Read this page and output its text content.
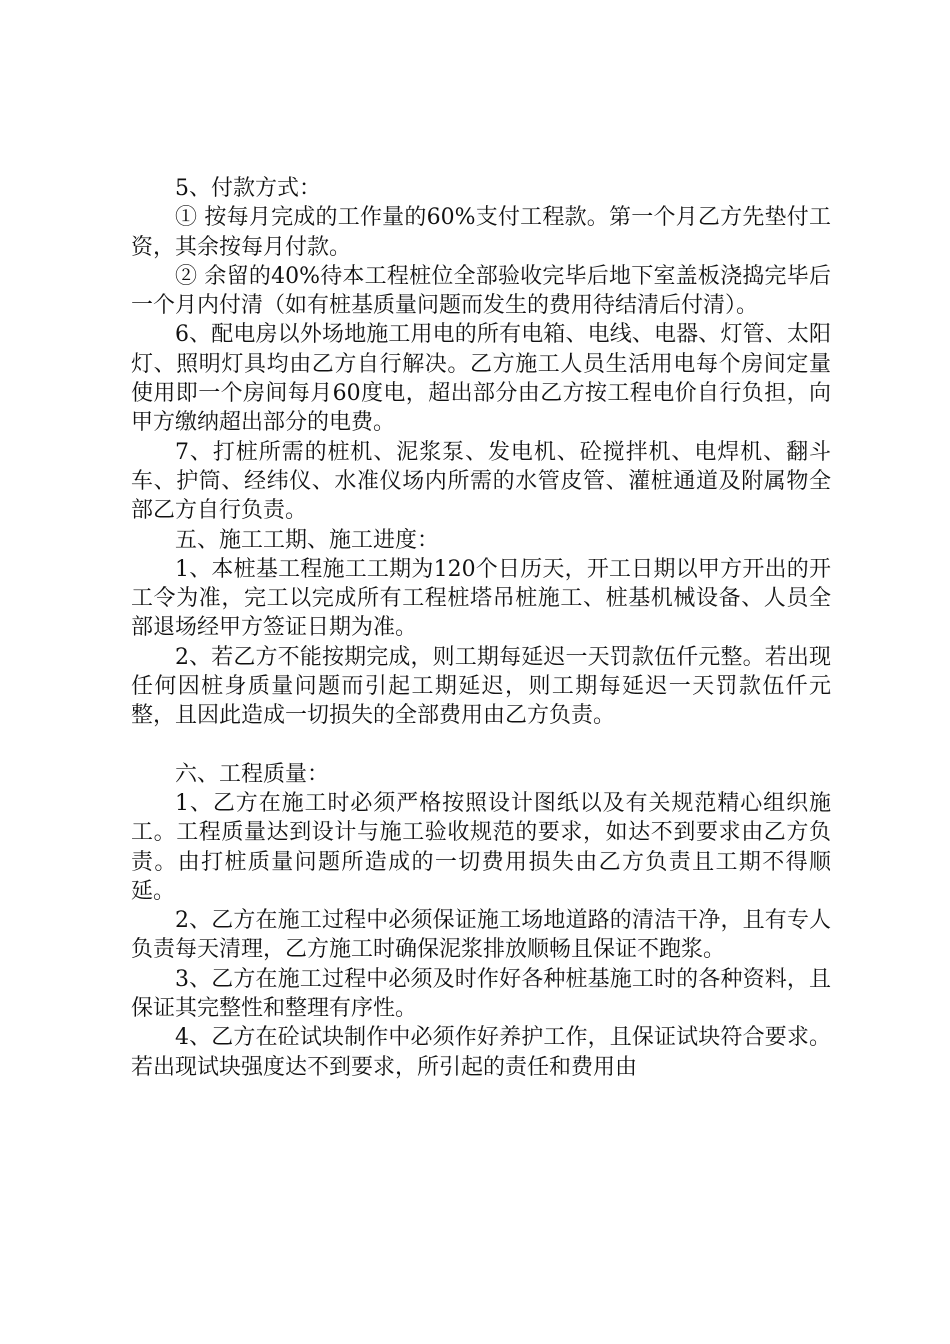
5、付款方式：

① 按每月完成的工作量的60%支付工程款。第一个月乙方先垫付工资，其余按每月付款。

② 余留的40%待本工程桩位全部验收完毕后地下室盖板浇捣完毕后一个月内付清（如有桩基质量问题而发生的费用待结清后付清）。

6、配电房以外场地施工用电的所有电箱、电线、电器、灯管、太阳灯、照明灯具均由乙方自行解决。乙方施工人员生活用电每个房间定量使用即一个房间每月60度电，超出部分由乙方按工程电价自行负担，向甲方缴纳超出部分的电费。

7、打桩所需的桩机、泥浆泵、发电机、砼搅拌机、电焊机、翻斗车、护筒、经纬仪、水准仪场内所需的水管皮管、灌桩通道及附属物全部乙方自行负责。

五、施工工期、施工进度：

1、本桩基工程施工工期为120个日历天，开工日期以甲方开出的开工令为准，完工以完成所有工程桩塔吊桩施工、桩基机械设备、人员全部退场经甲方签证日期为准。

2、若乙方不能按期完成，则工期每延迟一天罚款伍仟元整。若出现任何因桩身质量问题而引起工期延迟，则工期每延迟一天罚款伍仟元整，且因此造成一切损失的全部费用由乙方负责。

六、工程质量：

1、乙方在施工时必须严格按照设计图纸以及有关规范精心组织施工。工程质量达到设计与施工验收规范的要求，如达不到要求由乙方负责。由打桩质量问题所造成的一切费用损失由乙方负责且工期不得顺延。

2、乙方在施工过程中必须保证施工场地道路的清洁干净，且有专人负责每天清理，乙方施工时确保泥浆排放顺畅且保证不跑浆。

3、乙方在施工过程中必须及时作好各种桩基施工时的各种资料，且保证其完整性和整理有序性。

4、乙方在砼试块制作中必须作好养护工作，且保证试块符合要求。若出现试块强度达不到要求，所引起的责任和费用由
